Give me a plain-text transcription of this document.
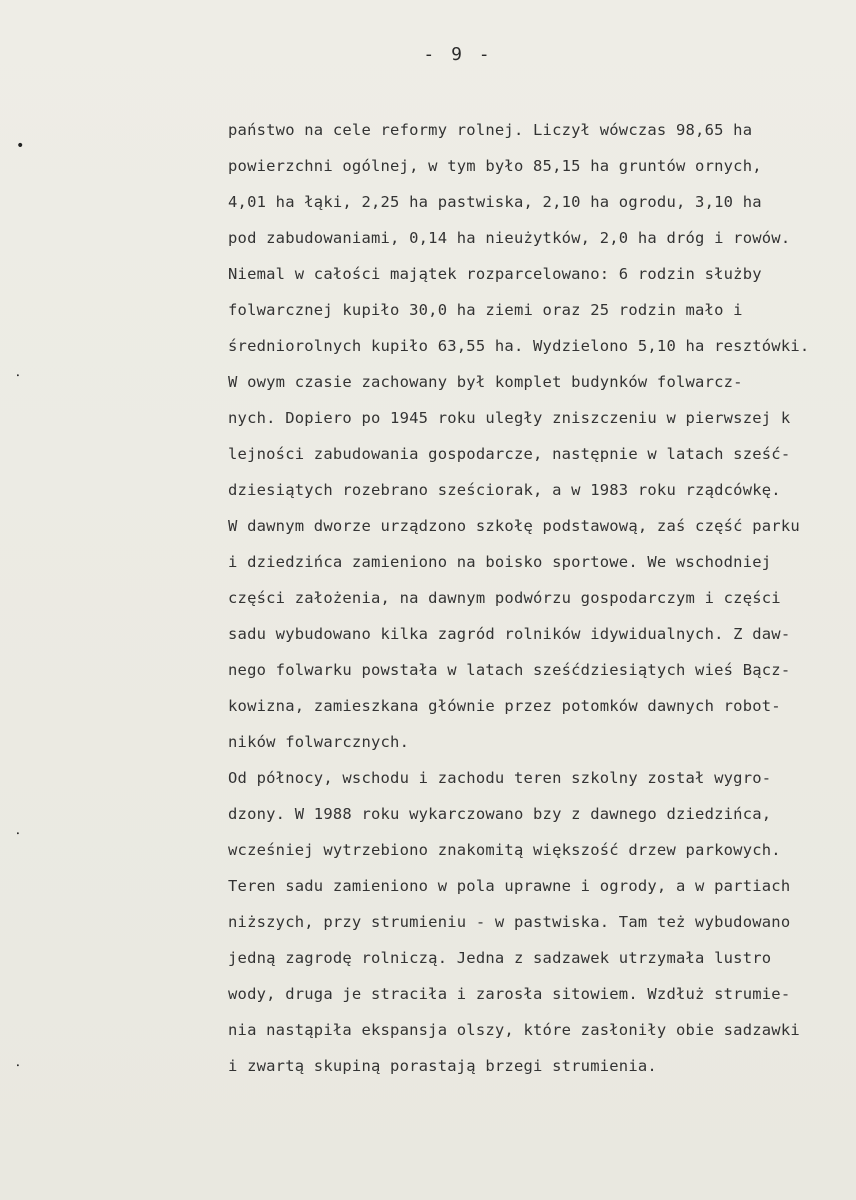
- 9 -
•
⸱
⸱
⸱
państwo na cele reformy rolnej. Liczył wówczas 98,65 ha
powierzchni ogólnej, w tym było 85,15 ha gruntów ornych,
4,01 ha łąki, 2,25 ha pastwiska, 2,10 ha ogrodu, 3,10 ha
pod zabudowaniami, 0,14 ha nieużytków, 2,0 ha dróg i rowów.
Niemal w całości majątek rozparcelowano: 6 rodzin służby
folwarcznej kupiło 30,0 ha ziemi oraz 25 rodzin mało i
średniorolnych kupiło 63,55 ha. Wydzielono 5,10 ha resztówki.
W owym czasie zachowany był komplet budynków folwarcz-
nych. Dopiero po 1945 roku uległy zniszczeniu w pierwszej k
lejności zabudowania gospodarcze, następnie w latach sześć-
dziesiątych rozebrano sześciorak, a w 1983 roku rządcówkę.
W dawnym dworze urządzono szkołę podstawową, zaś część parku
i dziedzińca zamieniono na boisko sportowe. We wschodniej
części założenia, na dawnym podwórzu gospodarczym i części
sadu wybudowano kilka zagród rolników idywidualnych. Z daw-
nego folwarku powstała w latach sześćdziesiątych wieś Bącz-
kowizna, zamieszkana głównie przez potomków dawnych robot-
ników folwarcznych.
Od północy, wschodu i zachodu teren szkolny został wygro-
dzony. W 1988 roku wykarczowano bzy z dawnego dziedzińca,
wcześniej wytrzebiono znakomitą większość drzew parkowych.
Teren sadu zamieniono w pola uprawne i ogrody, a w partiach
niższych, przy strumieniu - w pastwiska. Tam też wybudowano
jedną zagrodę rolniczą. Jedna z sadzawek utrzymała lustro
wody, druga je straciła i zarosła sitowiem. Wzdłuż strumie-
nia nastąpiła ekspansja olszy, które zasłoniły obie sadzawki
i zwartą skupiną porastają brzegi strumienia.
